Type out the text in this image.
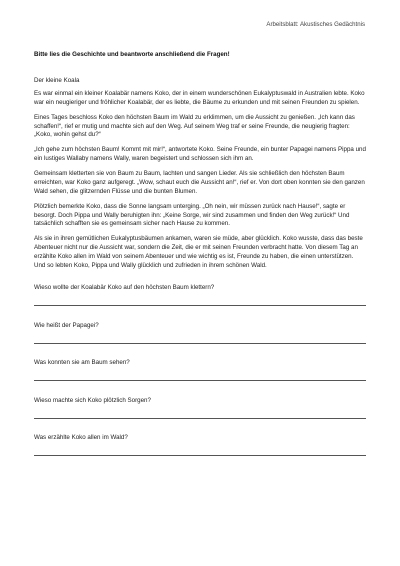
Arbeitsblatt: Akustisches Gedächtnis
Bitte lies die Geschichte und beantworte anschließend die Fragen!
Der kleine Koala

Es war einmal ein kleiner Koalabär namens Koko, der in einem wunderschönen Eukalyptuswald in Australien lebte. Koko war ein neugieriger und fröhlicher Koalabär, der es liebte, die Bäume zu erkunden und mit seinen Freunden zu spielen.

Eines Tages beschloss Koko den höchsten Baum im Wald zu erklimmen, um die Aussicht zu genießen. „Ich kann das schaffen!“, rief er mutig und machte sich auf den Weg. Auf seinem Weg traf er seine Freunde, die neugierig fragten: „Koko, wohin gehst du?“

„Ich gehe zum höchsten Baum! Kommt mit mir!“, antwortete Koko. Seine Freunde, ein bunter Papagei namens Pippa und ein lustiges Wallaby namens Wally, waren begeistert und schlossen sich ihm an.

Gemeinsam kletterten sie von Baum zu Baum, lachten und sangen Lieder. Als sie schließlich den höchsten Baum erreichten, war Koko ganz aufgeregt. „Wow, schaut euch die Aussicht an!“, rief er. Von dort oben konnten sie den ganzen Wald sehen, die glitzernden Flüsse und die bunten Blumen.

Plötzlich bemerkte Koko, dass die Sonne langsam unterging. „Oh nein, wir müssen zurück nach Hause!“, sagte er besorgt. Doch Pippa und Wally beruhigten ihn: „Keine Sorge, wir sind zusammen und finden den Weg zurück!“ Und tatsächlich schafften sie es gemeinsam sicher nach Hause zu kommen.

Als sie in ihren gemütlichen Eukalyptusbäumen ankamen, waren sie müde, aber glücklich. Koko wusste, dass das beste Abenteuer nicht nur die Aussicht war, sondern die Zeit, die er mit seinen Freunden verbracht hatte. Von diesem Tag an erzählte Koko allen im Wald von seinem Abenteuer und wie wichtig es ist, Freunde zu haben, die einen unterstützen. Und so lebten Koko, Pippa und Wally glücklich und zufrieden in ihrem schönen Wald.

Wieso wollte der Koalabär Koko auf den höchsten Baum klettern?
Wie heißt der Papagei?
Was konnten sie am Baum sehen?
Wieso machte sich Koko plötzlich Sorgen?
Was erzählte Koko allen im Wald?
